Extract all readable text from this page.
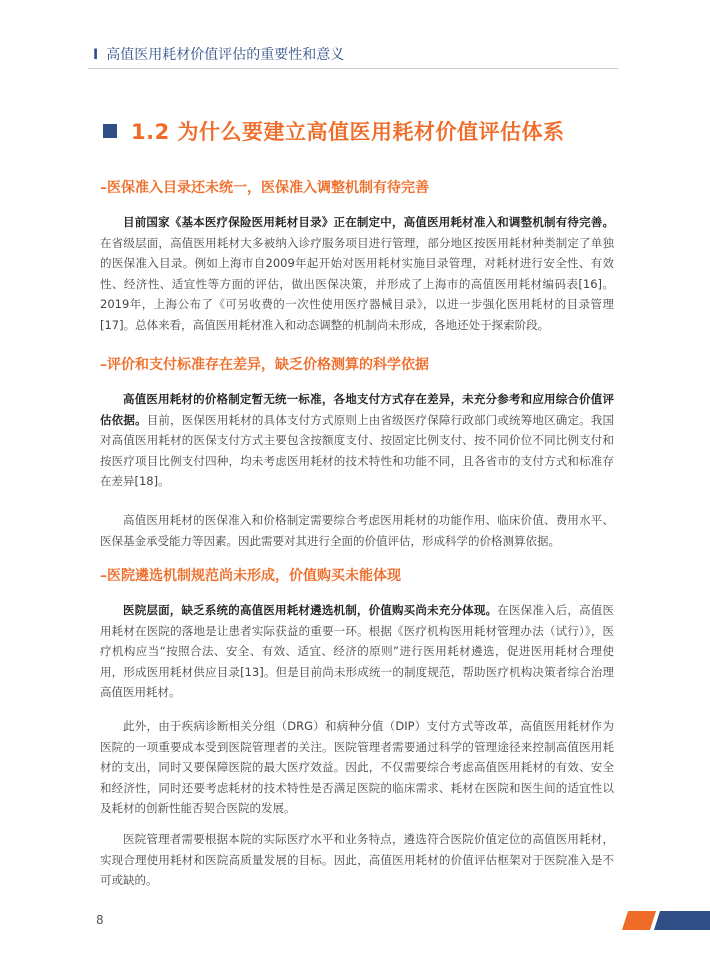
I 高值医用耗材价值评估的重要性和意义
1.2 为什么要建立高值医用耗材价值评估体系
–医保准入目录还未统一，医保准入调整机制有待完善

目前国家《基本医疗保险医用耗材目录》正在制定中，高值医用耗材准入和调整机制有待完善。在省级层面，高值医用耗材大多被纳入诊疗服务项目进行管理，部分地区按医用耗材种类制定了单独的医保准入目录。例如上海市自2009年起开始对医用耗材实施目录管理，对耗材进行安全性、有效性、经济性、适宜性等方面的评估，做出医保决策，并形成了上海市的高值医用耗材编码表[16]。2019年，上海公布了《可另收费的一次性使用医疗器械目录》，以进一步强化医用耗材的目录管理[17]。总体来看，高值医用耗材准入和动态调整的机制尚未形成，各地还处于探索阶段。

–评价和支付标准存在差异，缺乏价格测算的科学依据

高值医用耗材的价格制定暂无统一标准，各地支付方式存在差异，未充分参考和应用综合价值评估依据。目前，医保医用耗材的具体支付方式原则上由省级医疗保障行政部门或统筹地区确定。我国对高值医用耗材的医保支付方式主要包含按额度支付、按固定比例支付、按不同价位不同比例支付和按医疗项目比例支付四种，均未考虑医用耗材的技术特性和功能不同，且各省市的支付方式和标准存在差异[18]。

高值医用耗材的医保准入和价格制定需要综合考虑医用耗材的功能作用、临床价值、费用水平、医保基金承受能力等因素。因此需要对其进行全面的价值评估，形成科学的价格测算依据。

–医院遴选机制规范尚未形成，价值购买未能体现

医院层面，缺乏系统的高值医用耗材遴选机制，价值购买尚未充分体现。在医保准入后，高值医用耗材在医院的落地是让患者实际获益的重要一环。根据《医疗机构医用耗材管理办法（试行）》，医疗机构应当“按照合法、安全、有效、适宜、经济的原则”进行医用耗材遴选，促进医用耗材合理使用，形成医用耗材供应目录[13]。但是目前尚未形成统一的制度规范，帮助医疗机构决策者综合治理高值医用耗材。

此外，由于疾病诊断相关分组（DRG）和病种分值（DIP）支付方式等改革，高值医用耗材作为医院的一项重要成本受到医院管理者的关注。医院管理者需要通过科学的管理途径来控制高值医用耗材的支出，同时又要保障医院的最大医疗效益。因此，不仅需要综合考虑高值医用耗材的有效、安全和经济性，同时还要考虑耗材的技术特性是否满足医院的临床需求、耗材在医院和医生间的适宜性以及耗材的创新性能否契合医院的发展。

医院管理者需要根据本院的实际医疗水平和业务特点，遴选符合医院价值定位的高值医用耗材，实现合理使用耗材和医院高质量发展的目标。因此，高值医用耗材的价值评估框架对于医院准入是不可或缺的。

8
